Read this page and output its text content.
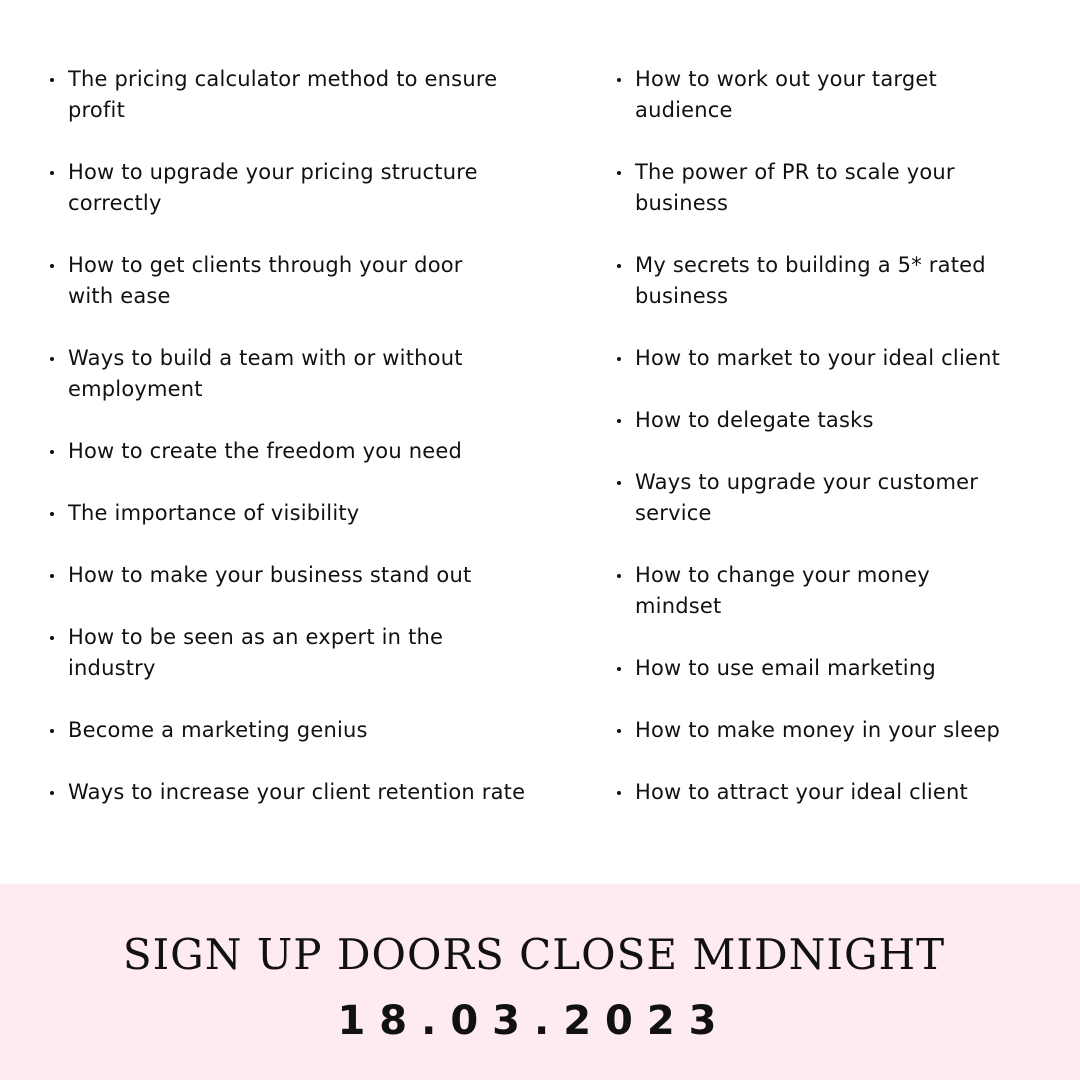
The pricing calculator method to ensure profit
How to upgrade your pricing structure correctly
How to get clients through your door with ease
Ways to build a team with or without employment
How to create the freedom you need
The importance of visibility
How to make your business stand out
How to be seen as an expert in the industry
Become a marketing genius
Ways to increase your client retention rate
How to work out your target audience
The power of PR to scale your business
My secrets to building a 5* rated business
How to market to your ideal client
How to delegate tasks
Ways to upgrade your customer service
How to change your money mindset
How to use email marketing
How to make money in your sleep
How to attract your ideal client
SIGN UP DOORS CLOSE MIDNIGHT
18.03.2023
